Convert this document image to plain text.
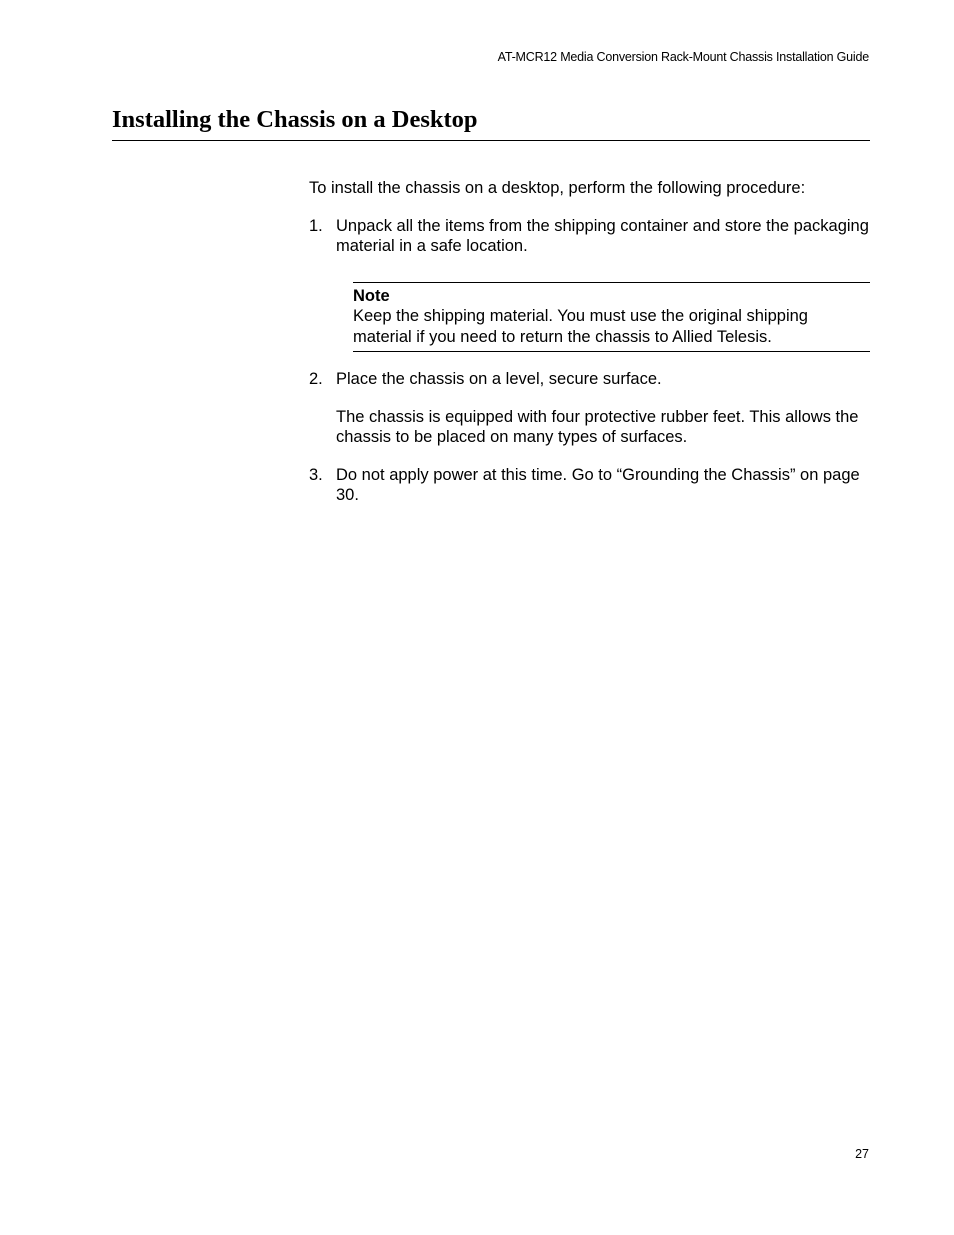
AT-MCR12 Media Conversion Rack-Mount Chassis Installation Guide
Installing the Chassis on a Desktop

To install the chassis on a desktop, perform the following procedure:

1. Unpack all the items from the shipping container and store the packaging material in a safe location.

Note

Keep the shipping material. You must use the original shipping material if you need to return the chassis to Allied Telesis.

2. Place the chassis on a level, secure surface.

The chassis is equipped with four protective rubber feet. This allows the chassis to be placed on many types of surfaces.

3. Do not apply power at this time. Go to “Grounding the Chassis” on page 30.

27
